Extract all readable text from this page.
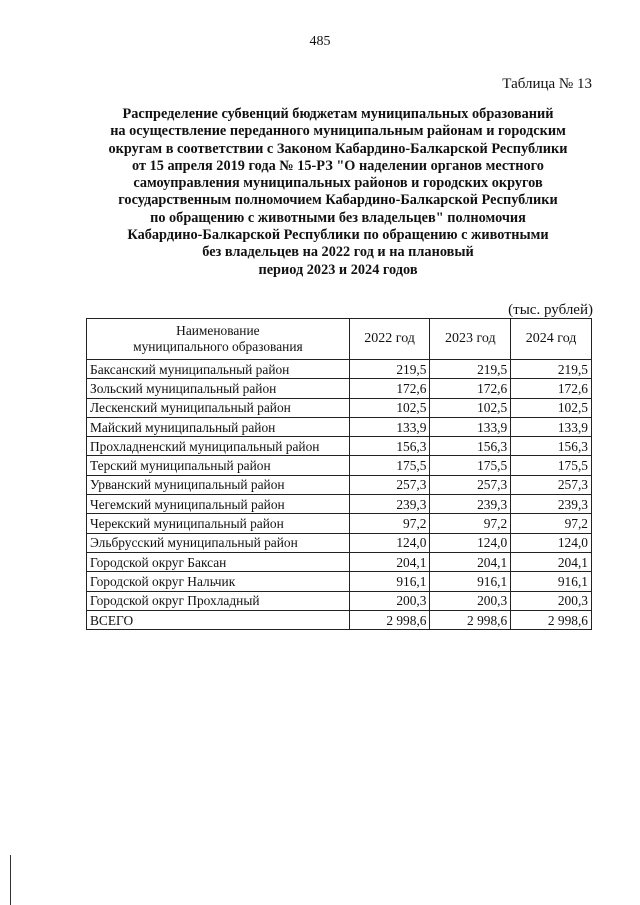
485
Таблица № 13
Распределение субвенций бюджетам муниципальных образований
на осуществление переданного муниципальным районам и городским
округам в соответствии с Законом Кабардино-Балкарской Республики
от 15 апреля 2019 года № 15-РЗ "О наделении органов местного
самоуправления муниципальных районов и городских округов
государственным полномочием Кабардино-Балкарской Республики
по обращению с животными без владельцев" полномочия
Кабардино-Балкарской Республики по обращению с животными
без владельцев на 2022 год и на плановый
период 2023 и 2024 годов
(тыс. рублей)
Наименование
муниципального образования	2022 год	2023 год	2024 год
Баксанский муниципальный район	219,5	219,5	219,5
Зольский муниципальный район	172,6	172,6	172,6
Лескенский муниципальный район	102,5	102,5	102,5
Майский муниципальный район	133,9	133,9	133,9
Прохладненский муниципальный район	156,3	156,3	156,3
Терский муниципальный район	175,5	175,5	175,5
Урванский муниципальный район	257,3	257,3	257,3
Чегемский муниципальный район	239,3	239,3	239,3
Черекский муниципальный район	97,2	97,2	97,2
Эльбрусский муниципальный район	124,0	124,0	124,0
Городской округ Баксан	204,1	204,1	204,1
Городской округ Нальчик	916,1	916,1	916,1
Городской округ Прохладный	200,3	200,3	200,3
ВСЕГО	2 998,6	2 998,6	2 998,6
